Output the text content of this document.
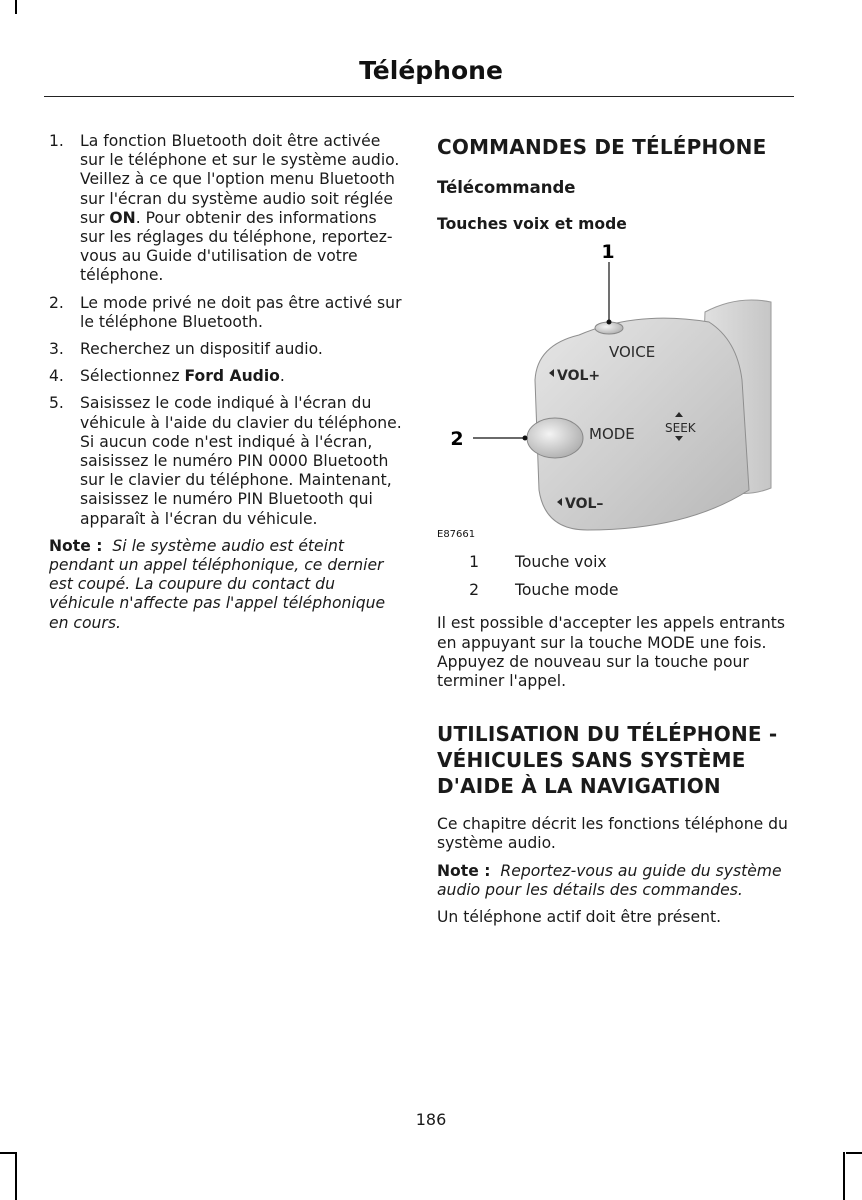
Téléphone
1.	La fonction Bluetooth doit être activée sur le téléphone et sur le système audio. Veillez à ce que l'option menu Bluetooth sur l'écran du système audio soit réglée sur ON. Pour obtenir des informations sur les réglages du téléphone, reportez-vous au Guide d'utilisation de votre téléphone.
2.	Le mode privé ne doit pas être activé sur le téléphone Bluetooth.
3.	Recherchez un dispositif audio.
4.	Sélectionnez Ford Audio.
5.	Saisissez le code indiqué à l'écran du véhicule à l'aide du clavier du téléphone. Si aucun code n'est indiqué à l'écran, saisissez le numéro PIN 0000 Bluetooth sur le clavier du téléphone. Maintenant, saisissez le numéro PIN Bluetooth qui apparaît à l'écran du véhicule.

Note : Si le système audio est éteint pendant un appel téléphonique, ce dernier est coupé. La coupure du contact du véhicule n'affecte pas l'appel téléphonique en cours.

COMMANDES DE TÉLÉPHONE
Télécommande
Touches voix et mode
1
2
VOICE
VOL+
MODE	SEEK
VOL–
E87661
1	Touche voix
2	Touche mode

Il est possible d'accepter les appels entrants en appuyant sur la touche MODE une fois. Appuyez de nouveau sur la touche pour terminer l'appel.

UTILISATION DU TÉLÉPHONE - VÉHICULES SANS SYSTÈME D'AIDE À LA NAVIGATION

Ce chapitre décrit les fonctions téléphone du système audio.

Note : Reportez-vous au guide du système audio pour les détails des commandes.

Un téléphone actif doit être présent.

186
